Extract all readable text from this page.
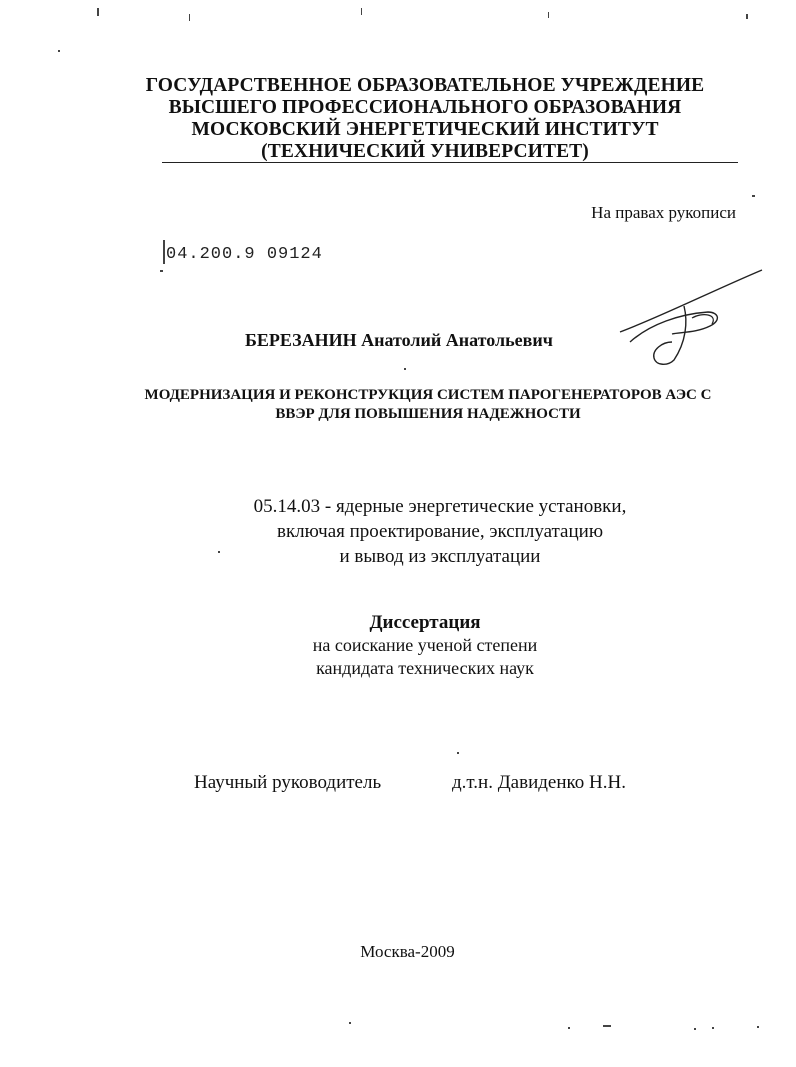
ГОСУДАРСТВЕННОЕ ОБРАЗОВАТЕЛЬНОЕ УЧРЕЖДЕНИЕ
ВЫСШЕГО ПРОФЕССИОНАЛЬНОГО ОБРАЗОВАНИЯ
МОСКОВСКИЙ ЭНЕРГЕТИЧЕСКИЙ ИНСТИТУТ
(ТЕХНИЧЕСКИЙ УНИВЕРСИТЕТ)
На правах рукописи
04.200.9 09124
БЕРЕЗАНИН Анатолий Анатольевич
МОДЕРНИЗАЦИЯ И РЕКОНСТРУКЦИЯ СИСТЕМ ПАРОГЕНЕРАТОРОВ АЭС С
ВВЭР ДЛЯ ПОВЫШЕНИЯ НАДЕЖНОСТИ
05.14.03 - ядерные энергетические установки,
включая проектирование, эксплуатацию
и вывод из эксплуатации
Диссертация
на соискание ученой степени
кандидата технических наук
Научный руководитель	д.т.н. Давиденко Н.Н.
Москва-2009
